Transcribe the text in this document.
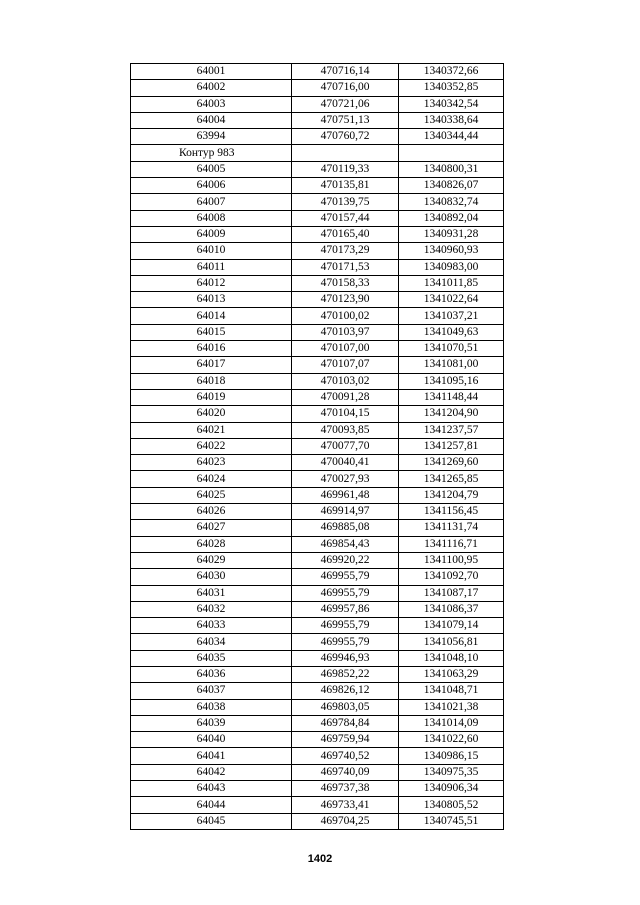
64001	470716,14	1340372,66
64002	470716,00	1340352,85
64003	470721,06	1340342,54
64004	470751,13	1340338,64
63994	470760,72	1340344,44
Контур 983		
64005	470119,33	1340800,31
64006	470135,81	1340826,07
64007	470139,75	1340832,74
64008	470157,44	1340892,04
64009	470165,40	1340931,28
64010	470173,29	1340960,93
64011	470171,53	1340983,00
64012	470158,33	1341011,85
64013	470123,90	1341022,64
64014	470100,02	1341037,21
64015	470103,97	1341049,63
64016	470107,00	1341070,51
64017	470107,07	1341081,00
64018	470103,02	1341095,16
64019	470091,28	1341148,44
64020	470104,15	1341204,90
64021	470093,85	1341237,57
64022	470077,70	1341257,81
64023	470040,41	1341269,60
64024	470027,93	1341265,85
64025	469961,48	1341204,79
64026	469914,97	1341156,45
64027	469885,08	1341131,74
64028	469854,43	1341116,71
64029	469920,22	1341100,95
64030	469955,79	1341092,70
64031	469955,79	1341087,17
64032	469957,86	1341086,37
64033	469955,79	1341079,14
64034	469955,79	1341056,81
64035	469946,93	1341048,10
64036	469852,22	1341063,29
64037	469826,12	1341048,71
64038	469803,05	1341021,38
64039	469784,84	1341014,09
64040	469759,94	1341022,60
64041	469740,52	1340986,15
64042	469740,09	1340975,35
64043	469737,38	1340906,34
64044	469733,41	1340805,52
64045	469704,25	1340745,51
1402
